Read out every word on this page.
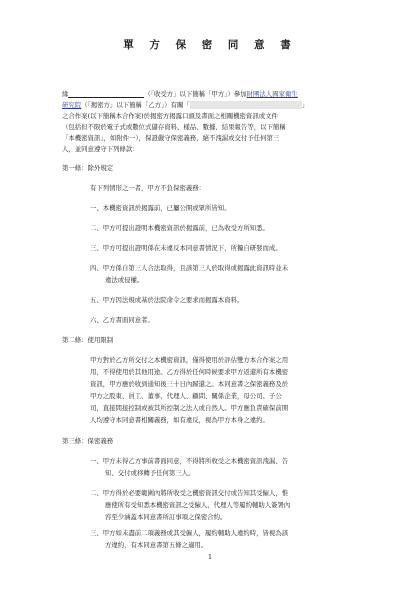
單 方 保 密 同 意 書
緣	（「收受方」以下簡稱「甲方」）參加財團法人國家衛生
研究院（「揭密方」以下簡稱「乙方」）有關「	」
之合作案(以下簡稱本合作案)於揭密方揭露口頭及書面之相關機密資訊或文件
（包括但不限於電子式或數位式儲存資料、樣品、數據、結果報告等，以下簡稱
「本機密資訊」，如附件一），保證嚴守保密義務，絕不洩漏或交付予任何第三
人，並同意遵守下列條款：
第一條：除外規定
有下列情形之一者，甲方不負保密義務：
一、本機密資訊於揭露前，已屬公開或眾所皆知。
二、甲方可提出證明本機密資訊於揭露前，已為收受方所知悉。
三、甲方可提出證明係在未違反本同意書情況下，所獨自研發而成。
四、甲方係自第三人合法取得，且該第三人於取得或揭露此資訊時並未
違法或侵權。
五、甲方因法規或基於法院命令之要求而揭露本資料。
六、乙方書面同意者。
第二條：使用限制
甲方對於乙方所交付之本機密資訊，僅得使用於評估雙方本合作案之用
用，不得使用於其他用途。乙方得於任何時候要求甲方返還所有本機密
資訊，甲方應於收到通知後三十日內歸還之。本同意書之保密義務及於
甲方之股東、員工、董事、代理人、顧問、關係企業，母公司、子公
司，直接間接控制或被其所控制之法人或自然人。甲方應負責確保前開
人均遵守本同意書相關義務，如有違反，視為甲方本身之違約。
第三條：保密義務
一、甲方未得乙方事前書面同意，不得將所收受之本機密資訊洩漏、告
知、交付或移轉予任何第三人。
二、甲方得於必要範圍內將所收受之機密資訊交付或告知其受僱人，惟
應使所有受知悉本機密資訊之受僱人，代理人等履約輔助人簽署內
容至少涵蓋本同意書所訂事項之保密合約。
三、甲方如未盡前二項義務或其受僱人，履約輔助人違約時，皆視為該
方違約，有本同意書第五條之適用。
1
